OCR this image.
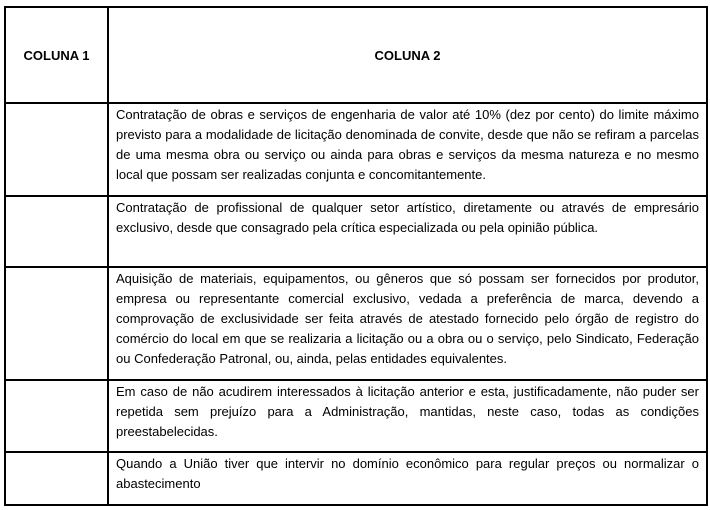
COLUNA 1	COLUNA 2

	Contratação de obras e serviços de engenharia de valor até 10% (dez por cento) do limite máximo previsto para a modalidade de licitação denominada de convite, desde que não se refiram a parcelas de uma mesma obra ou serviço ou ainda para obras e serviços da mesma natureza e no mesmo local que possam ser realizadas conjunta e concomitantemente.

	Contratação de profissional de qualquer setor artístico, diretamente ou através de empresário exclusivo, desde que consagrado pela crítica especializada ou pela opinião pública.

	Aquisição de materiais, equipamentos, ou gêneros que só possam ser fornecidos por produtor, empresa ou representante comercial exclusivo, vedada a preferência de marca, devendo a comprovação de exclusividade ser feita através de atestado fornecido pelo órgão de registro do comércio do local em que se realizaria a licitação ou a obra ou o serviço, pelo Sindicato, Federação ou Confederação Patronal, ou, ainda, pelas entidades equivalentes.

	Em caso de não acudirem interessados à licitação anterior e esta, justificadamente, não puder ser repetida sem prejuízo para a Administração, mantidas, neste caso, todas as condições preestabelecidas.

	Quando a União tiver que intervir no domínio econômico para regular preços ou normalizar o abastecimento
